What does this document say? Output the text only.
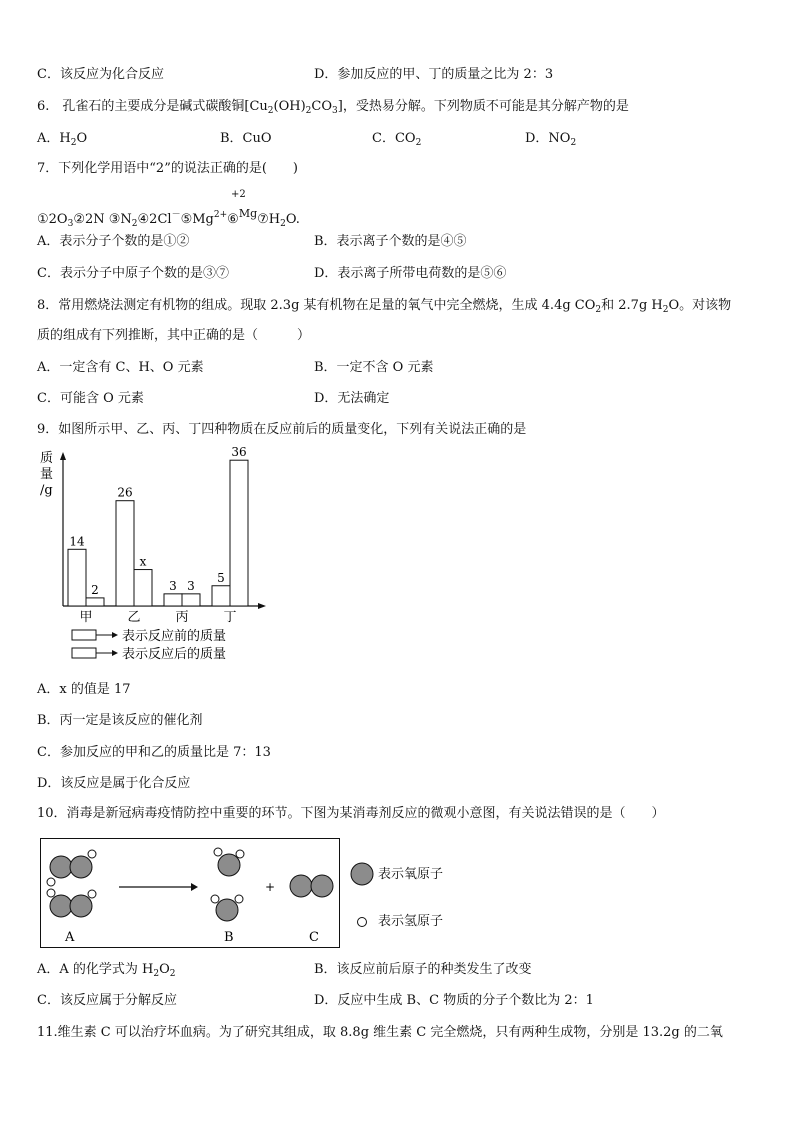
C．该反应为化合反应	D．参加反应的甲、丁的质量之比为 2：3
6.　孔雀石的主要成分是碱式碳酸铜$[Cu_2(OH)_2CO_3]$，受热易分解。下列物质不可能是其分解产物的是
A．$H_2O$	B．CuO	C．$CO_2$	D．$NO_2$
7．下列化学用语中“2”的说法正确的是(　　)
+2
$①2O_3②2N$ $③N_2④2Cl^-⑤Mg^{2+}⑥^{Mg}⑦H_2O$.
A．表示分子个数的是①②	B．表示离子个数的是④⑤
C．表示分子中原子个数的是③⑦	D．表示离子所带电荷数的是⑤⑥
8．常用燃烧法测定有机物的组成。现取 2.3g 某有机物在足量的氧气中完全燃烧，生成 4.4g $CO_2$和 2.7g $H_2O$。对该物
质的组成有下列推断，其中正确的是（　　　）
A．一定含有 C、H、O 元素	B．一定不含 O 元素
C．可能含 O 元素	D．无法确定
9．如图所示甲、乙、丙、丁四种物质在反应前后的质量变化，下列有关说法正确的是
质
量
/g
14
2
甲
26
x
乙
3 3
丙
5
36
丁
表示反应前的质量
表示反应后的质量
A．x 的值是 17
B．丙一定是该反应的催化剂
C．参加反应的甲和乙的质量比是 7：13
D．该反应是属于化合反应
10．消毒是新冠病毒疫情防控中重要的环节。下图为某消毒剂反应的微观小意图，有关说法错误的是（　　）
+
A	B	C
表示氧原子
表示氢原子
A．A 的化学式为 $H_2O_2$	B．该反应前后原子的种类发生了改变
C．该反应属于分解反应	D．反应中生成 B、C 物质的分子个数比为 2：1
11.维生素 C 可以治疗坏血病。为了研究其组成，取 8.8g 维生素 C 完全燃烧，只有两种生成物，分别是 13.2g 的二氧
